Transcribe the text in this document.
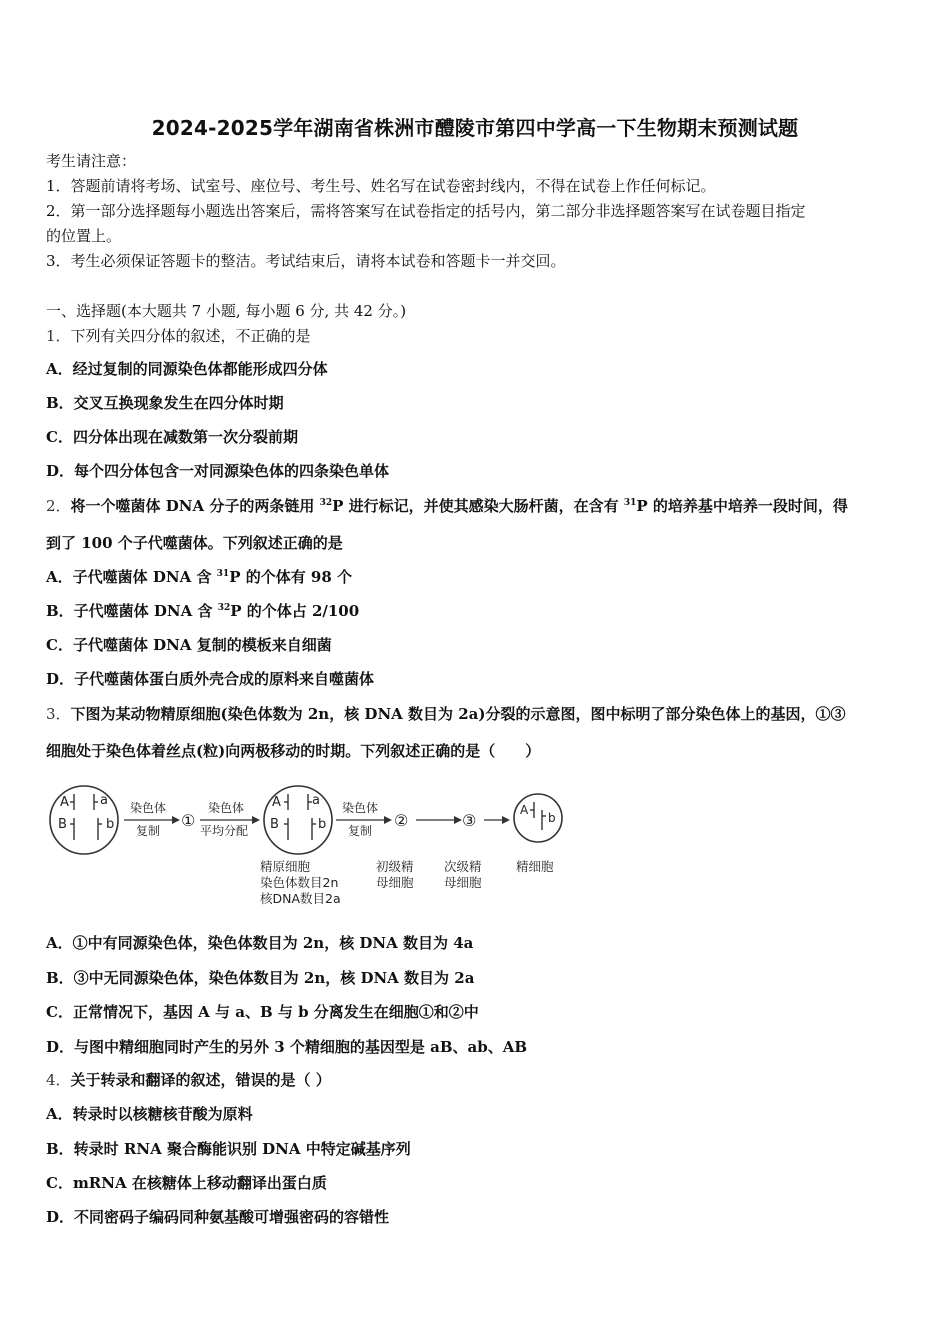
2024-2025学年湖南省株洲市醴陵市第四中学高一下生物期末预测试题
考生请注意：
1．答题前请将考场、试室号、座位号、考生号、姓名写在试卷密封线内，不得在试卷上作任何标记。
2．第一部分选择题每小题选出答案后，需将答案写在试卷指定的括号内，第二部分非选择题答案写在试卷题目指定
的位置上。
3．考生必须保证答题卡的整洁。考试结束后，请将本试卷和答题卡一并交回。
一、选择题(本大题共 7 小题, 每小题 6 分, 共 42 分。)
1．下列有关四分体的叙述，不正确的是
A．经过复制的同源染色体都能形成四分体
B．交叉互换现象发生在四分体时期
C．四分体出现在减数第一次分裂前期
D．每个四分体包含一对同源染色体的四条染色单体
2．将一个噬菌体 DNA 分子的两条链用 $^{32}$P 进行标记，并使其感染大肠杆菌，在含有 $^{31}$P 的培养基中培养一段时间，得
到了 100 个子代噬菌体。下列叙述正确的是
A．子代噬菌体 DNA 含 $^{31}$P 的个体有 98 个
B．子代噬菌体 DNA 含 $^{32}$P 的个体占 2/100
C．子代噬菌体 DNA 复制的模板来自细菌
D．子代噬菌体蛋白质外壳合成的原料来自噬菌体
3．下图为某动物精原细胞(染色体数为 2n，核 DNA 数目为 2a)分裂的示意图，图中标明了部分染色体上的基因，①③
细胞处于染色体着丝点(粒)向两极移动的时期。下列叙述正确的是（　　）
A a
B	b
染色体
复制
①
染色体
平均分配
A a
B	b
染色体
复制
②	③
A
b
精原细胞
染色体数目2n
核DNA数目2a
初级精
母细胞
次级精
母细胞
精细胞
A．①中有同源染色体，染色体数目为 2n，核 DNA 数目为 4a
B．③中无同源染色体，染色体数目为 2n，核 DNA 数目为 2a
C．正常情况下，基因 A 与 a、B 与 b 分离发生在细胞①和②中
D．与图中精细胞同时产生的另外 3 个精细胞的基因型是 aB、ab、AB
4．关于转录和翻译的叙述，错误的是（ ）
A．转录时以核糖核苷酸为原料
B．转录时 RNA 聚合酶能识别 DNA 中特定碱基序列
C．mRNA 在核糖体上移动翻译出蛋白质
D．不同密码子编码同种氨基酸可增强密码的容错性
